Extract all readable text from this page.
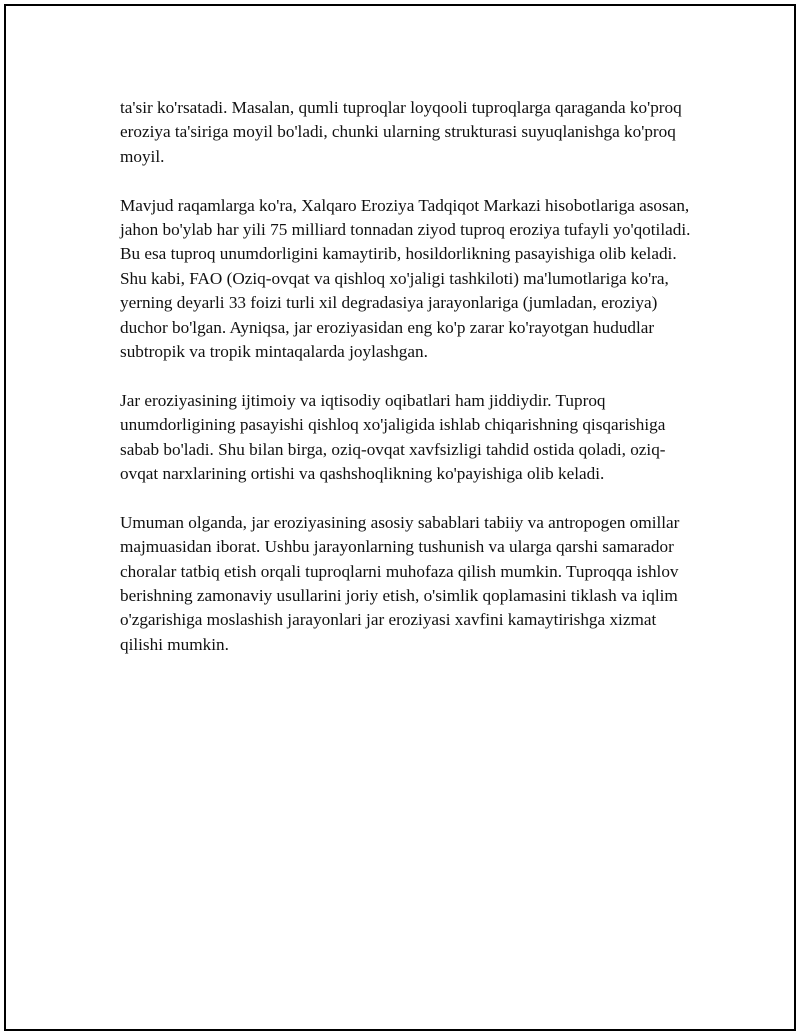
ta'sir ko'rsatadi. Masalan, qumli tuproqlar loyqooli tuproqlarga qaraganda ko'proq eroziya ta'siriga moyil bo'ladi, chunki ularning strukturasi suyuqlanishga ko'proq moyil.

Mavjud raqamlarga ko'ra, Xalqaro Eroziya Tadqiqot Markazi hisobotlariga asosan, jahon bo'ylab har yili 75 milliard tonnadan ziyod tuproq eroziya tufayli yo'qotiladi. Bu esa tuproq unumdorligini kamaytirib, hosildorlikning pasayishiga olib keladi. Shu kabi, FAO (Oziq-ovqat va qishloq xo'jaligi tashkiloti) ma'lumotlariga ko'ra, yerning deyarli 33 foizi turli xil degradasiya jarayonlariga (jumladan, eroziya) duchor bo'lgan. Ayniqsa, jar eroziyasidan eng ko'p zarar ko'rayotgan hududlar subtropik va tropik mintaqalarda joylashgan.

Jar eroziyasining ijtimoiy va iqtisodiy oqibatlari ham jiddiydir. Tuproq unumdorligining pasayishi qishloq xo'jaligida ishlab chiqarishning qisqarishiga sabab bo'ladi. Shu bilan birga, oziq-ovqat xavfsizligi tahdid ostida qoladi, oziq-ovqat narxlarining ortishi va qashshoqlikning ko'payishiga olib keladi.

Umuman olganda, jar eroziyasining asosiy sabablari tabiiy va antropogen omillar majmuasidan iborat. Ushbu jarayonlarning tushunish va ularga qarshi samarador choralar tatbiq etish orqali tuproqlarni muhofaza qilish mumkin. Tuproqqa ishlov berishning zamonaviy usullarini joriy etish, o'simlik qoplamasini tiklash va iqlim o'zgarishiga moslashish jarayonlari jar eroziyasi xavfini kamaytirishga xizmat qilishi mumkin.
